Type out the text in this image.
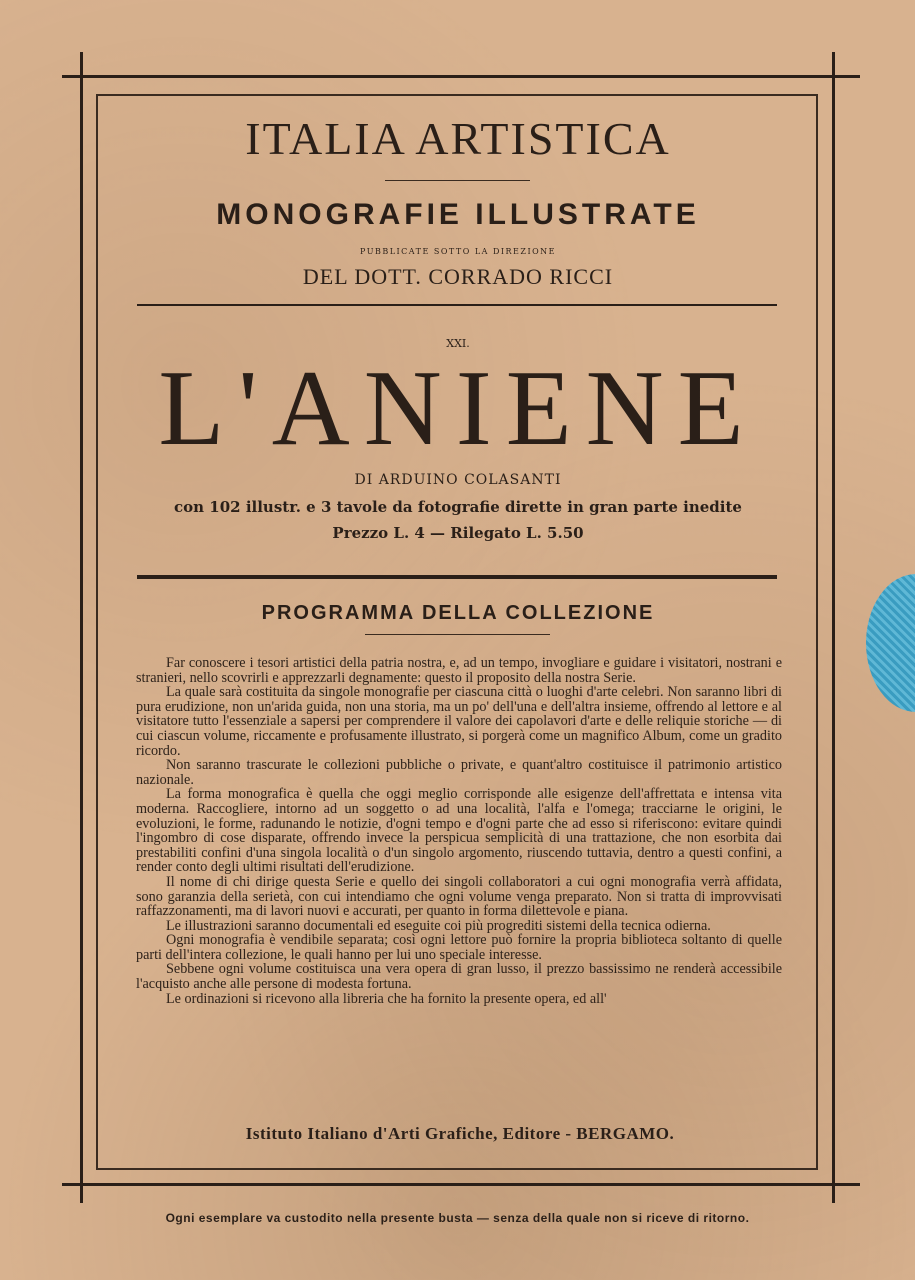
ITALIA ARTISTICA
MONOGRAFIE ILLUSTRATE
PUBBLICATE SOTTO LA DIREZIONE
DEL DOTT. CORRADO RICCI
XXI.
L'ANIENE
DI ARDUINO COLASANTI
con 102 illustr. e 3 tavole da fotografie dirette in gran parte inedite
Prezzo L. 4 — Rilegato L. 5.50
PROGRAMMA DELLA COLLEZIONE

Far conoscere i tesori artistici della patria nostra, e, ad un tempo, invogliare e guidare i visitatori, nostrani e stranieri, nello scovrirli e apprezzarli degnamente: questo il proposito della nostra Serie.

La quale sarà costituita da singole monografie per ciascuna città o luoghi d'arte celebri. Non saranno libri di pura erudizione, non un'arida guida, non una storia, ma un po' dell'una e dell'altra insieme, offrendo al lettore e al visitatore tutto l'essenziale a sapersi per comprendere il valore dei capolavori d'arte e delle reliquie storiche — di cui ciascun volume, riccamente e profusamente illustrato, si porgerà come un magnifico Album, come un gradito ricordo.

Non saranno trascurate le collezioni pubbliche o private, e quant'altro costituisce il patrimonio artistico nazionale.

La forma monografica è quella che oggi meglio corrisponde alle esigenze dell'affrettata e intensa vita moderna. Raccogliere, intorno ad un soggetto o ad una località, l'alfa e l'omega; tracciarne le origini, le evoluzioni, le forme, radunando le notizie, d'ogni tempo e d'ogni parte che ad esso si riferiscono: evitare quindi l'ingombro di cose disparate, offrendo invece la perspicua semplicità di una trattazione, che non esorbita dai prestabiliti confini d'una singola località o d'un singolo argomento, riuscendo tuttavia, dentro a questi confini, a render conto degli ultimi risultati dell'erudizione.

Il nome di chi dirige questa Serie e quello dei singoli collaboratori a cui ogni monografia verrà affidata, sono garanzia della serietà, con cui intendiamo che ogni volume venga preparato. Non si tratta di improvvisati raffazzonamenti, ma di lavori nuovi e accurati, per quanto in forma dilettevole e piana.

Le illustrazioni saranno documentali ed eseguite coi più progrediti sistemi della tecnica odierna.

Ogni monografia è vendibile separata; così ogni lettore può fornire la propria biblioteca soltanto di quelle parti dell'intera collezione, le quali hanno per lui uno speciale interesse.

Sebbene ogni volume costituisca una vera opera di gran lusso, il prezzo bassissimo ne renderà accessibile l'acquisto anche alle persone di modesta fortuna.

Le ordinazioni si ricevono alla libreria che ha fornito la presente opera, ed all'

Istituto Italiano d'Arti Grafiche, Editore - BERGAMO.
Ogni esemplare va custodito nella presente busta — senza della quale non si riceve di ritorno.
